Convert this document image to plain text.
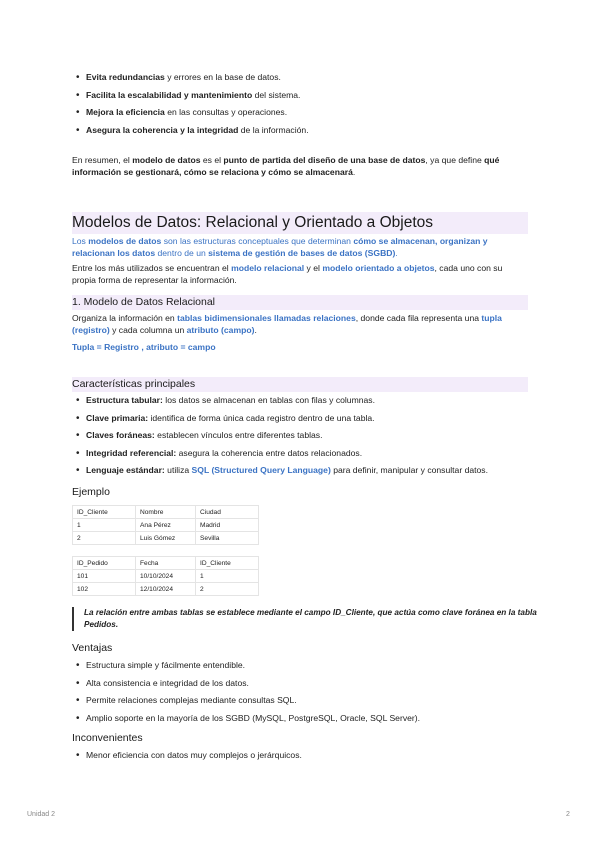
• Evita redundancias y errores en la base de datos.
• Facilita la escalabilidad y mantenimiento del sistema.
• Mejora la eficiencia en las consultas y operaciones.
• Asegura la coherencia y la integridad de la información.

En resumen, el modelo de datos es el punto de partida del diseño de una base de datos, ya que define qué información se gestionará, cómo se relaciona y cómo se almacenará.

Modelos de Datos: Relacional y Orientado a Objetos

Los modelos de datos son las estructuras conceptuales que determinan cómo se almacenan, organizan y relacionan los datos dentro de un sistema de gestión de bases de datos (SGBD).

Entre los más utilizados se encuentran el modelo relacional y el modelo orientado a objetos, cada uno con su propia forma de representar la información.

1. Modelo de Datos Relacional

Organiza la información en tablas bidimensionales llamadas relaciones, donde cada fila representa una tupla (registro) y cada columna un atributo (campo).

Tupla = Registro , atributo = campo
Características principales
• Estructura tabular: los datos se almacenan en tablas con filas y columnas.
• Clave primaria: identifica de forma única cada registro dentro de una tabla.
• Claves foráneas: establecen vínculos entre diferentes tablas.
• Integridad referencial: asegura la coherencia entre datos relacionados.
• Lenguaje estándar: utiliza SQL (Structured Query Language) para definir, manipular y consultar datos.
Ejemplo
ID_Cliente	Nombre	Ciudad
1	Ana Pérez	Madrid
2	Luis Gómez	Sevilla
ID_Pedido	Fecha	ID_Cliente
101	10/10/2024	1
102	12/10/2024	2
La relación entre ambas tablas se establece mediante el campo ID_Cliente, que actúa como clave foránea en la tabla Pedidos.
Ventajas
• Estructura simple y fácilmente entendible.
• Alta consistencia e integridad de los datos.
• Permite relaciones complejas mediante consultas SQL.
• Amplio soporte en la mayoría de los SGBD (MySQL, PostgreSQL, Oracle, SQL Server).
Inconvenientes
• Menor eficiencia con datos muy complejos o jerárquicos.
Unidad 2	2
